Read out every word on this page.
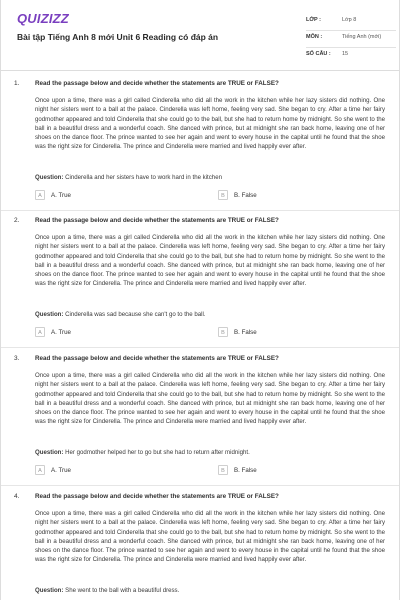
QUIZIZZ
Bài tập Tiếng Anh 8 mới Unit 6 Reading có đáp án
LỚP :	Lớp 8
MÔN :	Tiếng Anh (mới)
SỐ CÂU : 15
1. Read the passage below and decide whether the statements are TRUE or FALSE?

Once upon a time, there was a girl called Cinderella who did all the work in the kitchen while her lazy sisters did nothing. One night her sisters went to a ball at the palace. Cinderella was left home, feeling very sad. She began to cry. After a time her fairy godmother appeared and told Cinderella that she could go to the ball, but she had to return home by midnight. So she went to the ball in a beautiful dress and a wonderful coach. She danced with prince, but at midnight she ran back home, leaving one of her shoes on the dance floor. The prince wanted to see her again and went to every house in the capital until he found that the shoe was the right size for Cinderella. The prince and Cinderella were married and lived happily ever after.

Question: Cinderella and her sisters have to work hard in the kitchen
A	A. True	B	B. False
2. Read the passage below and decide whether the statements are TRUE or FALSE?

Once upon a time, there was a girl called Cinderella who did all the work in the kitchen while her lazy sisters did nothing. One night her sisters went to a ball at the palace. Cinderella was left home, feeling very sad. She began to cry. After a time her fairy godmother appeared and told Cinderella that she could go to the ball, but she had to return home by midnight. So she went to the ball in a beautiful dress and a wonderful coach. She danced with prince, but at midnight she ran back home, leaving one of her shoes on the dance floor. The prince wanted to see her again and went to every house in the capital until he found that the shoe was the right size for Cinderella. The prince and Cinderella were married and lived happily ever after.

Question: Cinderella was sad because she can't go to the ball.
A	A. True	B	B. False
3. Read the passage below and decide whether the statements are TRUE or FALSE?

Once upon a time, there was a girl called Cinderella who did all the work in the kitchen while her lazy sisters did nothing. One night her sisters went to a ball at the palace. Cinderella was left home, feeling very sad. She began to cry. After a time her fairy godmother appeared and told Cinderella that she could go to the ball, but she had to return home by midnight. So she went to the ball in a beautiful dress and a wonderful coach. She danced with prince, but at midnight she ran back home, leaving one of her shoes on the dance floor. The prince wanted to see her again and went to every house in the capital until he found that the shoe was the right size for Cinderella. The prince and Cinderella were married and lived happily ever after.

Question: Her godmother helped her to go but she had to return after midnight.
A	A. True	B	B. False
4. Read the passage below and decide whether the statements are TRUE or FALSE?

Once upon a time, there was a girl called Cinderella who did all the work in the kitchen while her lazy sisters did nothing. One night her sisters went to a ball at the palace. Cinderella was left home, feeling very sad. She began to cry. After a time her fairy godmother appeared and told Cinderella that she could go to the ball, but she had to return home by midnight. So she went to the ball in a beautiful dress and a wonderful coach. She danced with prince, but at midnight she ran back home, leaving one of her shoes on the dance floor. The prince wanted to see her again and went to every house in the capital until he found that the shoe was the right size for Cinderella. The prince and Cinderella were married and lived happily ever after.

Question: She went to the ball with a beautiful dress.
